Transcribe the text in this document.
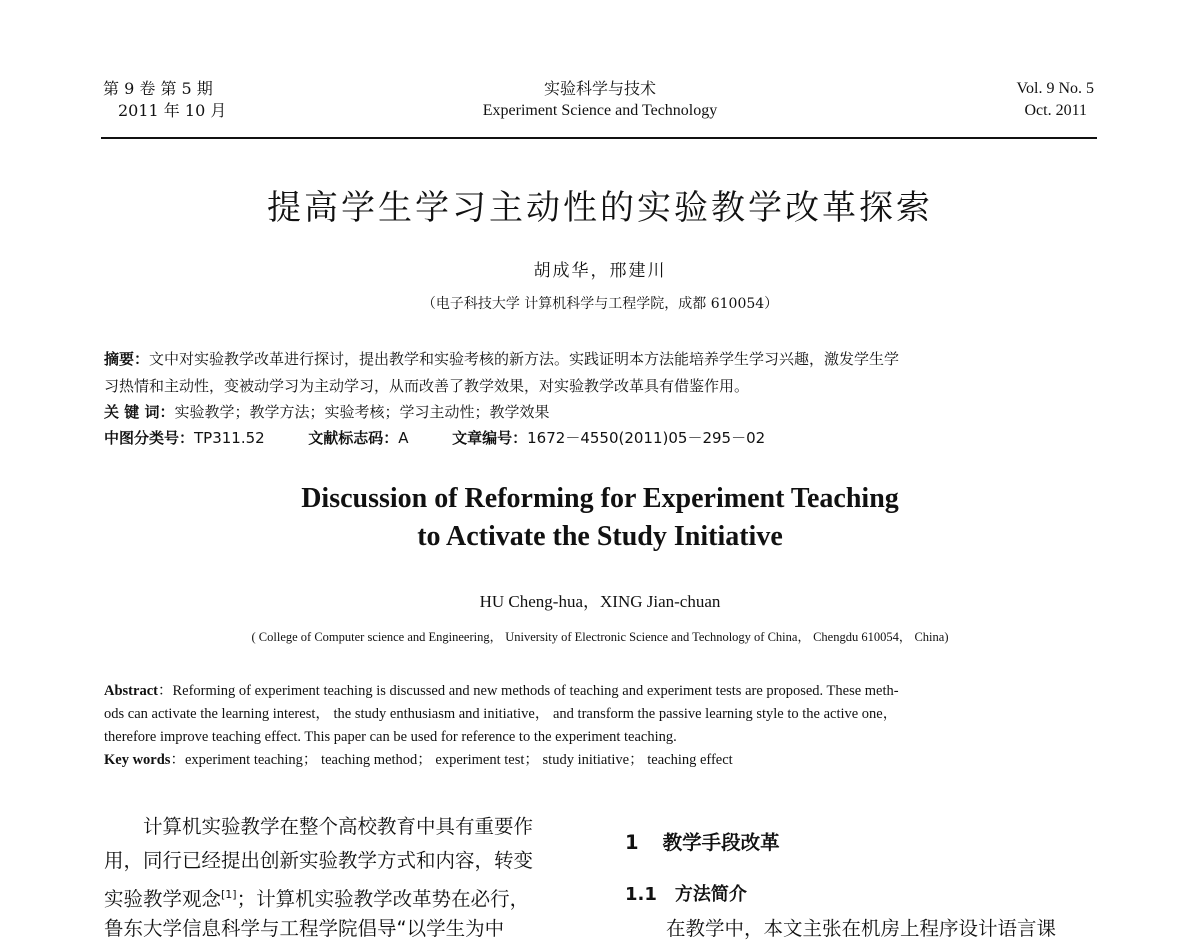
第 9 卷 第 5 期
2011 年 10 月
实验科学与技术
Experiment Science and Technology
Vol. 9 No. 5
Oct. 2011
提高学生学习主动性的实验教学改革探索
胡成华，邢建川
（电子科技大学 计算机科学与工程学院，成都 610054）
摘要：文中对实验教学改革进行探讨，提出教学和实验考核的新方法。实践证明本方法能培养学生学习兴趣，激发学生学
习热情和主动性，变被动学习为主动学习，从而改善了教学效果，对实验教学改革具有借鉴作用。
关 键 词：实验教学；教学方法；实验考核；学习主动性；教学效果
中图分类号：TP311.52	文献标志码：A	文章编号：1672－4550(2011)05－295－02
Discussion of Reforming for Experiment Teaching
to Activate the Study Initiative
HU Cheng-hua，XING Jian-chuan
( College of Computer science and Engineering， University of Electronic Science and Technology of China， Chengdu 610054， China)
Abstract：Reforming of experiment teaching is discussed and new methods of teaching and experiment tests are proposed. These meth-
ods can activate the learning interest， the study enthusiasm and initiative， and transform the passive learning style to the active one，
therefore improve teaching effect. This paper can be used for reference to the experiment teaching.
Key words：experiment teaching； teaching method； experiment test； study initiative； teaching effect
计算机实验教学在整个高校教育中具有重要作
用，同行已经提出创新实验教学方式和内容，转变
实验教学观念[1]；计算机实验教学改革势在必行，
鲁东大学信息科学与工程学院倡导“以学生为中
1 教学手段改革
1.1 方法简介
在教学中，本文主张在机房上程序设计语言课
